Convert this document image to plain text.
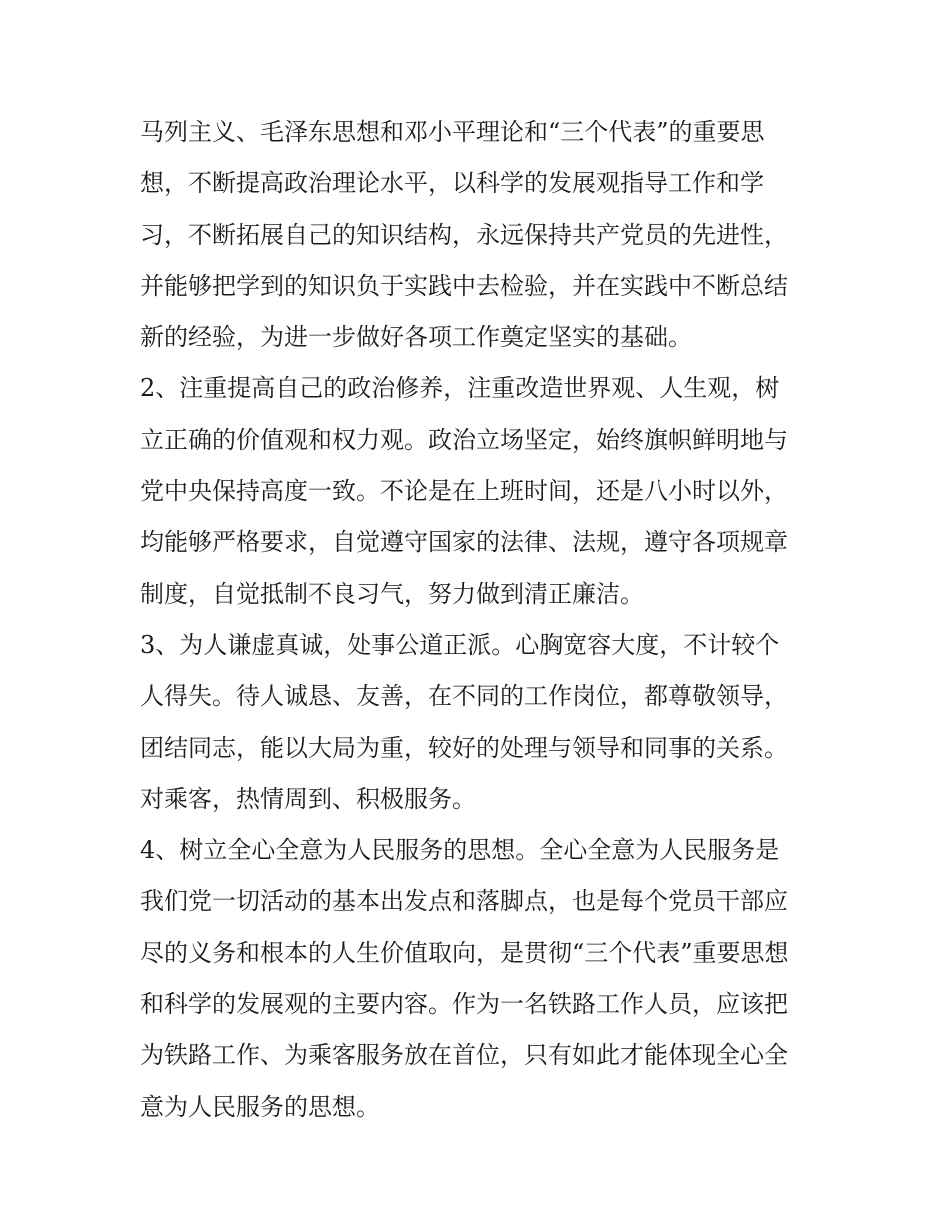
马列主义、毛泽东思想和邓小平理论和“三个代表”的重要思
想，不断提高政治理论水平，以科学的发展观指导工作和学
习，不断拓展自己的知识结构，永远保持共产党员的先进性，
并能够把学到的知识负于实践中去检验，并在实践中不断总结
新的经验，为进一步做好各项工作奠定坚实的基础。
2、注重提高自己的政治修养，注重改造世界观、人生观，树
立正确的价值观和权力观。政治立场坚定，始终旗帜鲜明地与
党中央保持高度一致。不论是在上班时间，还是八小时以外，
均能够严格要求，自觉遵守国家的法律、法规，遵守各项规章
制度，自觉抵制不良习气，努力做到清正廉洁。
3、为人谦虚真诚，处事公道正派。心胸宽容大度，不计较个
人得失。待人诚恳、友善，在不同的工作岗位，都尊敬领导，
团结同志，能以大局为重，较好的处理与领导和同事的关系。
对乘客，热情周到、积极服务。
4、树立全心全意为人民服务的思想。全心全意为人民服务是
我们党一切活动的基本出发点和落脚点，也是每个党员干部应
尽的义务和根本的人生价值取向，是贯彻“三个代表”重要思想
和科学的发展观的主要内容。作为一名铁路工作人员，应该把
为铁路工作、为乘客服务放在首位，只有如此才能体现全心全
意为人民服务的思想。
